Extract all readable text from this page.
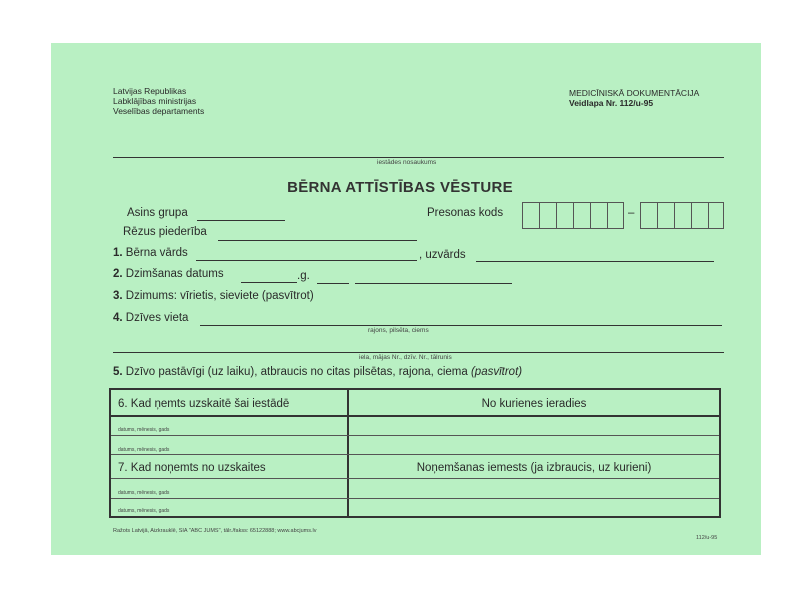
Latvijas Republikas
Labklājības ministrijas
Veselības departaments
MEDICĪNISKĀ DOKUMENTĀCIJA
Veidlapa Nr. 112/u-95
iestādes nosaukums
BĒRNA ATTĪSTĪBAS VĒSTURE
Asins grupa	Presonas kods	–
Rēzus piederība
1. Bērna vārds	, uzvārds
2. Dzimšanas datums	.g.
3. Dzimums: vīrietis, sieviete (pasvītrot)
4. Dzīves vieta
rajons, pilsēta, ciems
iela, mājas Nr., dzīv. Nr., tālrunis
5. Dzīvo pastāvīgi (uz laiku), atbraucis no citas pilsētas, rajona, ciema (pasvītrot)
6. Kad ņemts uzskaitē šai iestādē	No kurienes ieradies
datums, mēnesis, gads
datums, mēnesis, gads
7. Kad noņemts no uzskaites	Noņemšanas iemests (ja izbraucis, uz kurieni)
datums, mēnesis, gads
datums, mēnesis, gads
Ražots Latvijā, Aizkrauklē, SIA "ABC JUMS", tālr./fakss: 65122888; www.abcjums.lv
112/u-95
